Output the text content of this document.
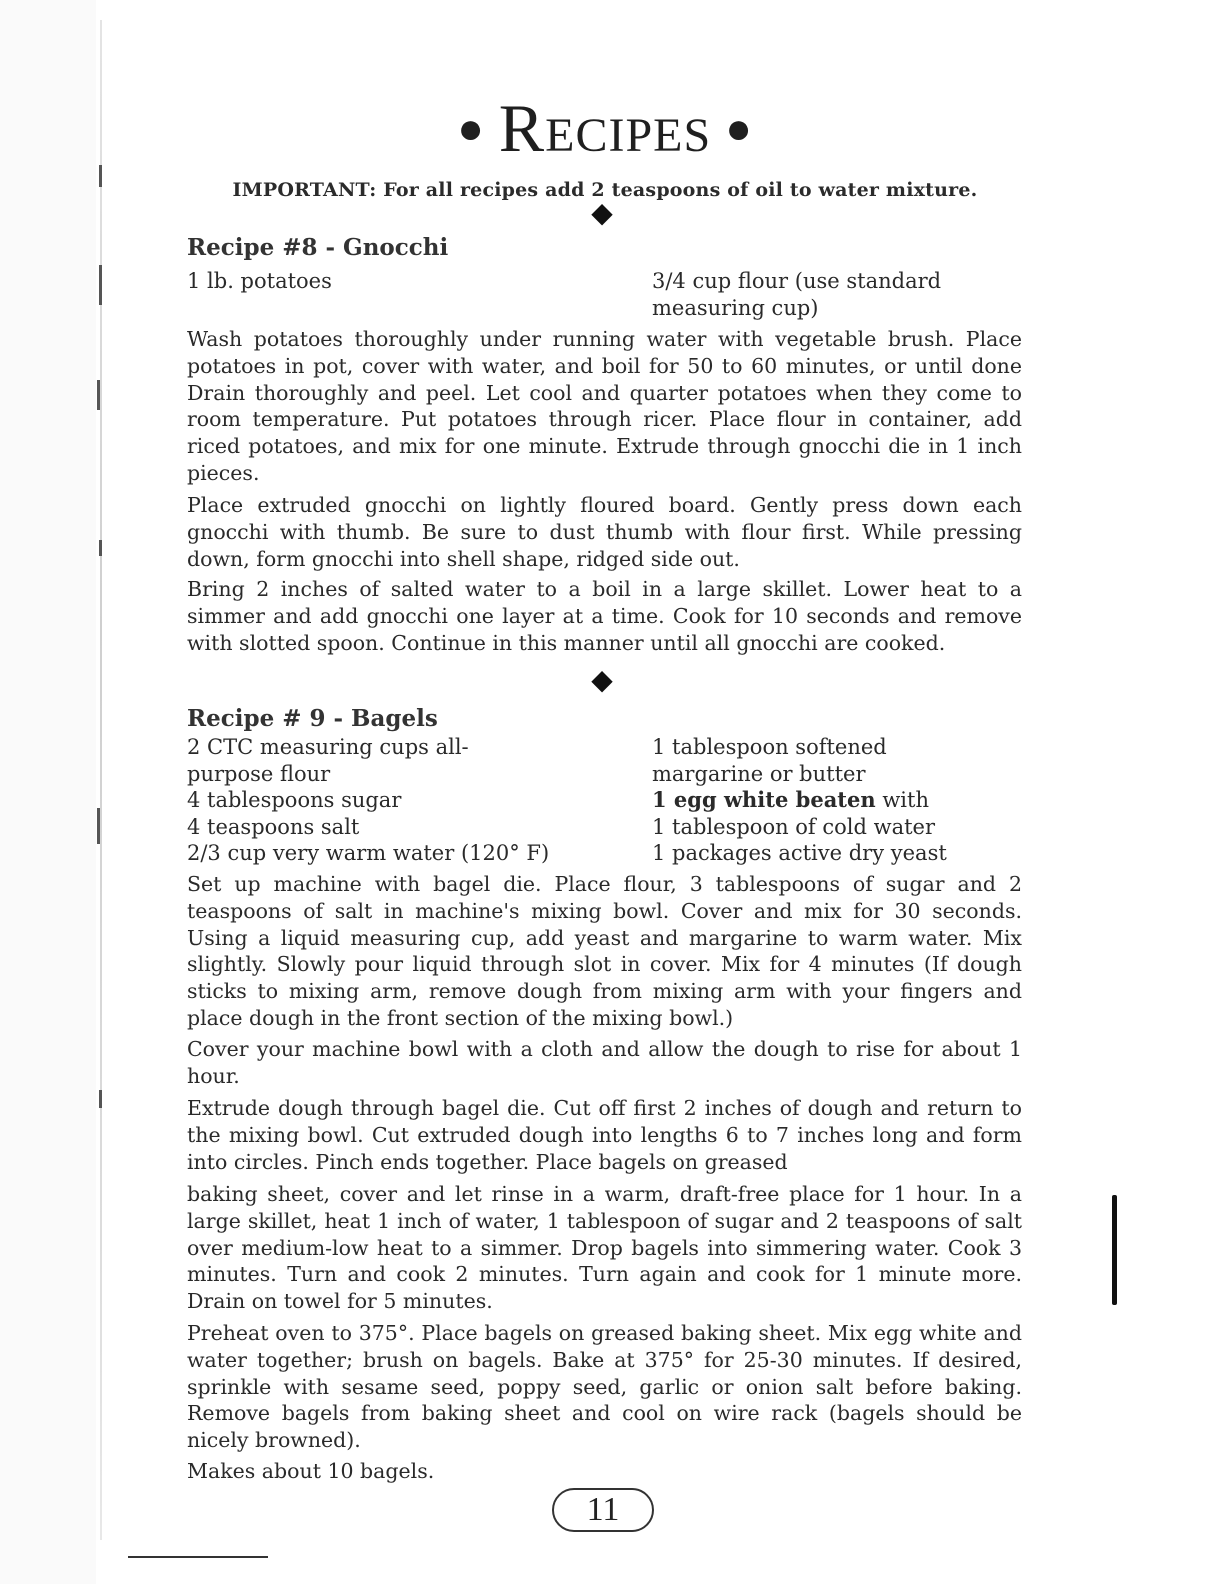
● Recipes ●
IMPORTANT: For all recipes add 2 teaspoons of oil to water mixture.
◆
Recipe #8 - Gnocchi
1 lb. potatoes	3/4 cup flour (use standard
measuring cup)

Wash potatoes thoroughly under running water with vegetable brush. Place potatoes in pot, cover with water, and boil for 50 to 60 minutes, or until done Drain thoroughly and peel. Let cool and quarter potatoes when they come to room temperature. Put potatoes through ricer. Place flour in container, add riced potatoes, and mix for one minute. Extrude through gnocchi die in 1 inch pieces.

Place extruded gnocchi on lightly floured board. Gently press down each gnocchi with thumb. Be sure to dust thumb with flour first. While pressing down, form gnocchi into shell shape, ridged side out.

Bring 2 inches of salted water to a boil in a large skillet. Lower heat to a simmer and add gnocchi one layer at a time. Cook for 10 seconds and remove with slotted spoon. Continue in this manner until all gnocchi are cooked.

◆
Recipe # 9 - Bagels
2 CTC measuring cups all-
purpose flour
4 tablespoons sugar
4 teaspoons salt
2/3 cup very warm water (120° F)
1 tablespoon softened
margarine or butter
1 egg white beaten with
1 tablespoon of cold water
1 packages active dry yeast

Set up machine with bagel die. Place flour, 3 tablespoons of sugar and 2 teaspoons of salt in machine's mixing bowl. Cover and mix for 30 seconds. Using a liquid measuring cup, add yeast and margarine to warm water. Mix slightly. Slowly pour liquid through slot in cover. Mix for 4 minutes (If dough sticks to mixing arm, remove dough from mixing arm with your fingers and place dough in the front section of the mixing bowl.)

Cover your machine bowl with a cloth and allow the dough to rise for about 1 hour.

Extrude dough through bagel die. Cut off first 2 inches of dough and return to the mixing bowl. Cut extruded dough into lengths 6 to 7 inches long and form into circles. Pinch ends together. Place bagels on greased

baking sheet, cover and let rinse in a warm, draft-free place for 1 hour. In a large skillet, heat 1 inch of water, 1 tablespoon of sugar and 2 teaspoons of salt over medium-low heat to a simmer. Drop bagels into simmering water. Cook 3 minutes. Turn and cook 2 minutes. Turn again and cook for 1 minute more. Drain on towel for 5 minutes.

Preheat oven to 375°. Place bagels on greased baking sheet. Mix egg white and water together; brush on bagels. Bake at 375° for 25-30 minutes. If desired, sprinkle with sesame seed, poppy seed, garlic or onion salt before baking. Remove bagels from baking sheet and cool on wire rack (bagels should be nicely browned).

Makes about 10 bagels.

11
